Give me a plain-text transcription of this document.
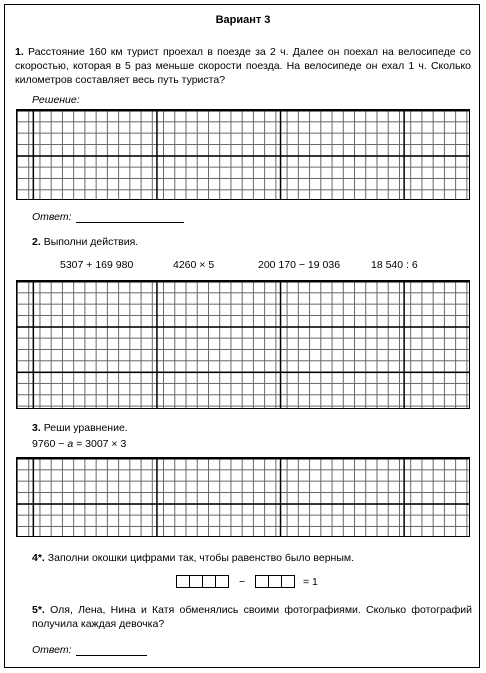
Вариант 3
1. Расстояние 160 км турист проехал в поезде за 2 ч. Далее он поехал на велосипеде со скоростью, которая в 5 раз меньше скорости поезда. На велосипеде он ехал 1 ч. Сколько километров составляет весь путь туриста?
Решение:
Ответ:
2. Выполни действия.
5307 + 169 980	4260 × 5	200 170 − 19 036	18 540 : 6
3. Реши уравнение.
9760 − a = 3007 × 3
4*. Заполни окошки цифрами так, чтобы равенство было верным.
−	= 1
5*. Оля, Лена, Нина и Катя обменялись своими фотографиями. Сколько фотографий получила каждая девочка?
Ответ:
